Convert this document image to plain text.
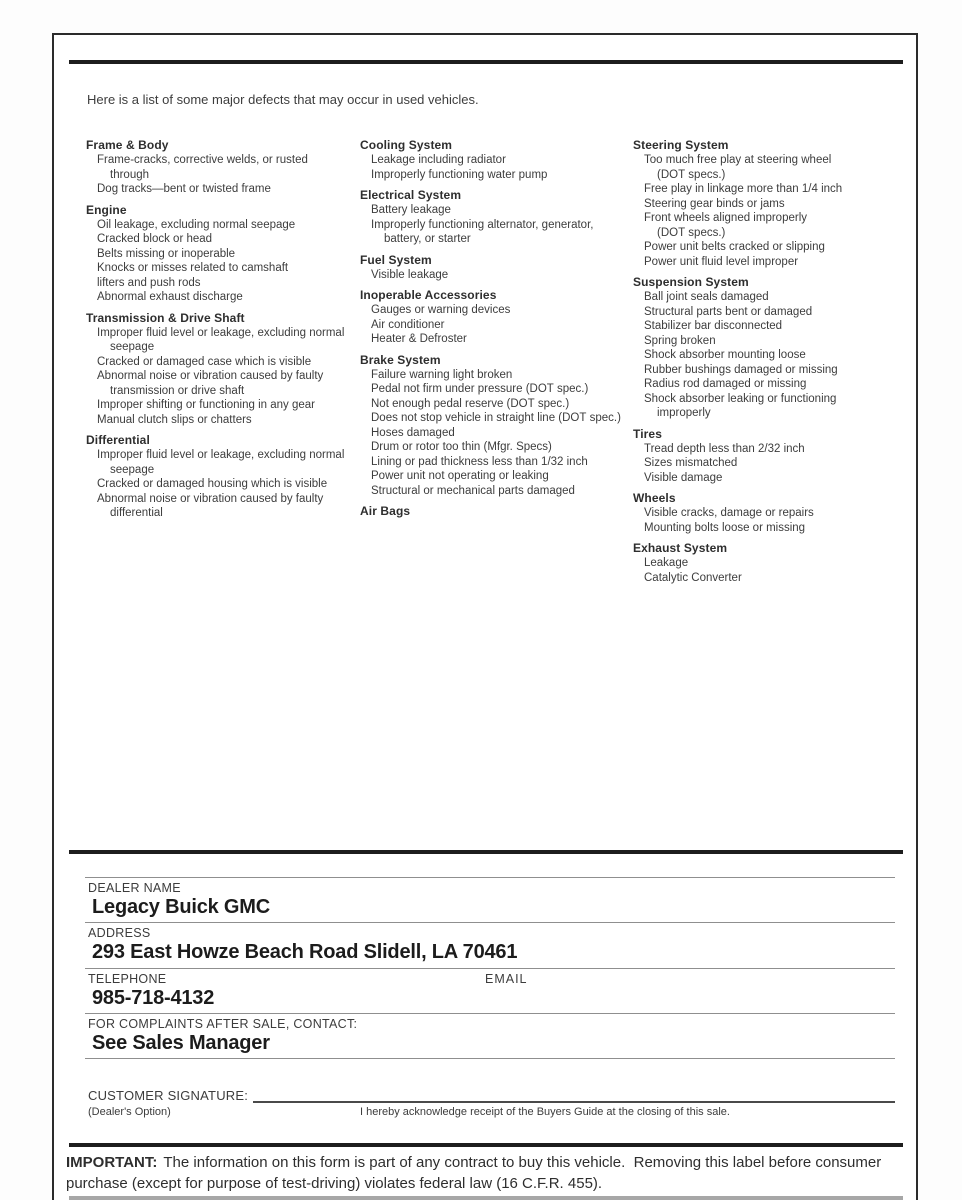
Here is a list of some major defects that may occur in used vehicles.
Frame & Body
Frame-cracks, corrective welds, or rusted through
Dog tracks—bent or twisted frame
Engine
Oil leakage, excluding normal seepage
Cracked block or head
Belts missing or inoperable
Knocks or misses related to camshaft
lifters and push rods
Abnormal exhaust discharge
Transmission & Drive Shaft
Improper fluid level or leakage, excluding normal seepage
Cracked or damaged case which is visible
Abnormal noise or vibration caused by faulty transmission or drive shaft
Improper shifting or functioning in any gear
Manual clutch slips or chatters
Differential
Improper fluid level or leakage, excluding normal seepage
Cracked or damaged housing which is visible
Abnormal noise or vibration caused by faulty differential
Cooling System
Leakage including radiator
Improperly functioning water pump
Electrical System
Battery leakage
Improperly functioning alternator, generator, battery, or starter
Fuel System
Visible leakage
Inoperable Accessories
Gauges or warning devices
Air conditioner
Heater & Defroster
Brake System
Failure warning light broken
Pedal not firm under pressure (DOT spec.)
Not enough pedal reserve (DOT spec.)
Does not stop vehicle in straight line (DOT spec.)
Hoses damaged
Drum or rotor too thin (Mfgr. Specs)
Lining or pad thickness less than 1/32 inch
Power unit not operating or leaking
Structural or mechanical parts damaged
Air Bags
Steering System
Too much free play at steering wheel (DOT specs.)
Free play in linkage more than 1/4 inch
Steering gear binds or jams
Front wheels aligned improperly (DOT specs.)
Power unit belts cracked or slipping
Power unit fluid level improper
Suspension System
Ball joint seals damaged
Structural parts bent or damaged
Stabilizer bar disconnected
Spring broken
Shock absorber mounting loose
Rubber bushings damaged or missing
Radius rod damaged or missing
Shock absorber leaking or functioning improperly
Tires
Tread depth less than 2/32 inch
Sizes mismatched
Visible damage
Wheels
Visible cracks, damage or repairs
Mounting bolts loose or missing
Exhaust System
Leakage
Catalytic Converter
DEALER NAME
Legacy Buick GMC
ADDRESS
293 East Howze Beach Road Slidell, LA 70461
TELEPHONE	EMAIL
985-718-4132
FOR COMPLAINTS AFTER SALE, CONTACT:
See Sales Manager
CUSTOMER SIGNATURE:
(Dealer's Option)	I hereby acknowledge receipt of the Buyers Guide at the closing of this sale.
IMPORTANT: The information on this form is part of any contract to buy this vehicle.  Removing this label before consumer purchase (except for purpose of test-driving) violates federal law (16 C.F.R. 455).
